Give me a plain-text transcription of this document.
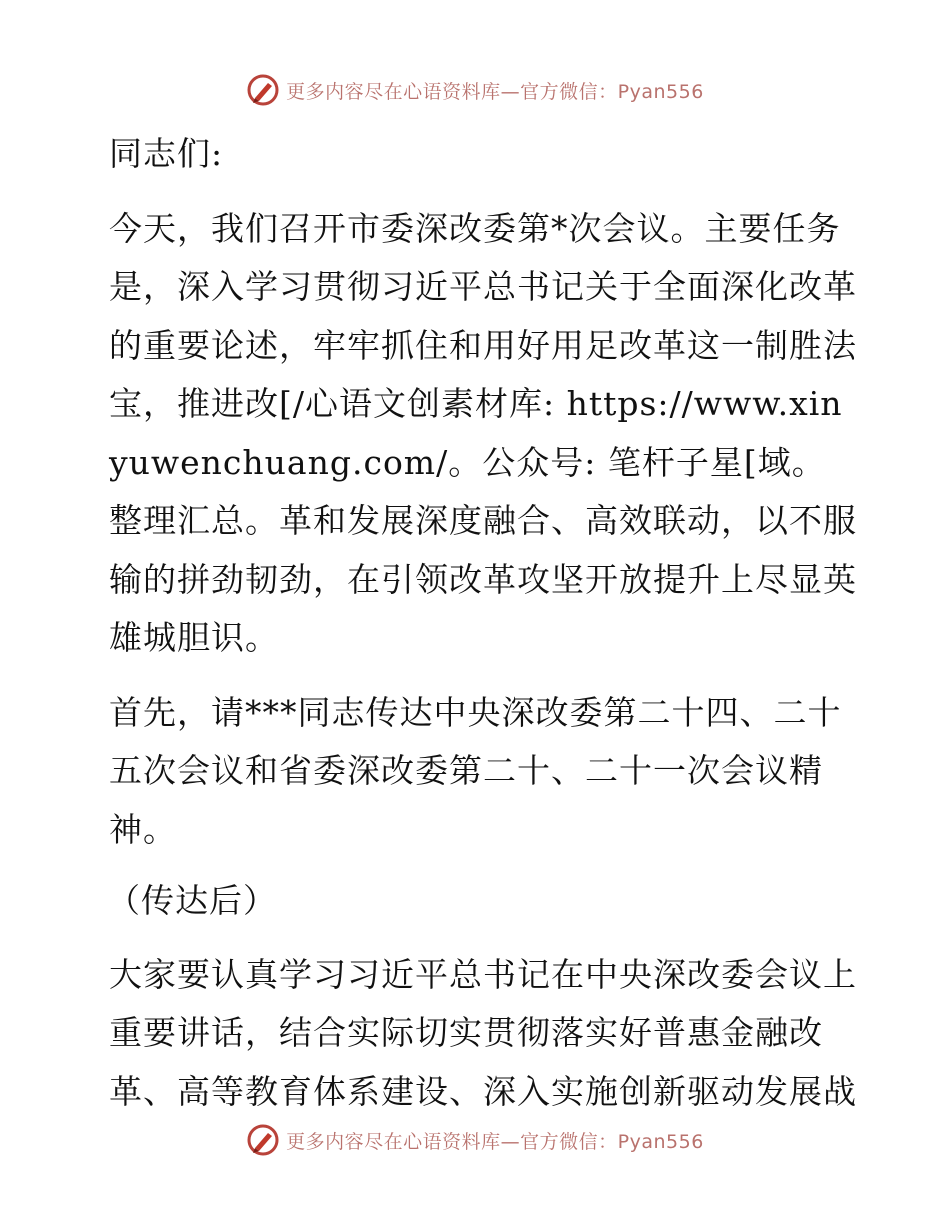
更多内容尽在心语资料库—官方微信：Pyan556

同志们:

今天，我们召开市委深改委第*次会议。主要任务是，深入学习贯彻习近平总书记关于全面深化改革的重要论述，牢牢抓住和用好用足改革这一制胜法宝，推进改[/心语文创素材库: https://www.xinyuwenchuang.com/。公众号: 笔杆子星[域。整理汇总。革和发展深度融合、高效联动，以不服输的拼劲韧劲，在引领改革攻坚开放提升上尽显英雄城胆识。

首先，请***同志传达中央深改委第二十四、二十五次会议和省委深改委第二十、二十一次会议精神。

（传达后）

大家要认真学习习近平总书记在中央深改委会议上重要讲话，结合实际切实贯彻落实好普惠金融改革、高等教育体系建设、深入实施创新驱动发展战

更多内容尽在心语资料库—官方微信：Pyan556
